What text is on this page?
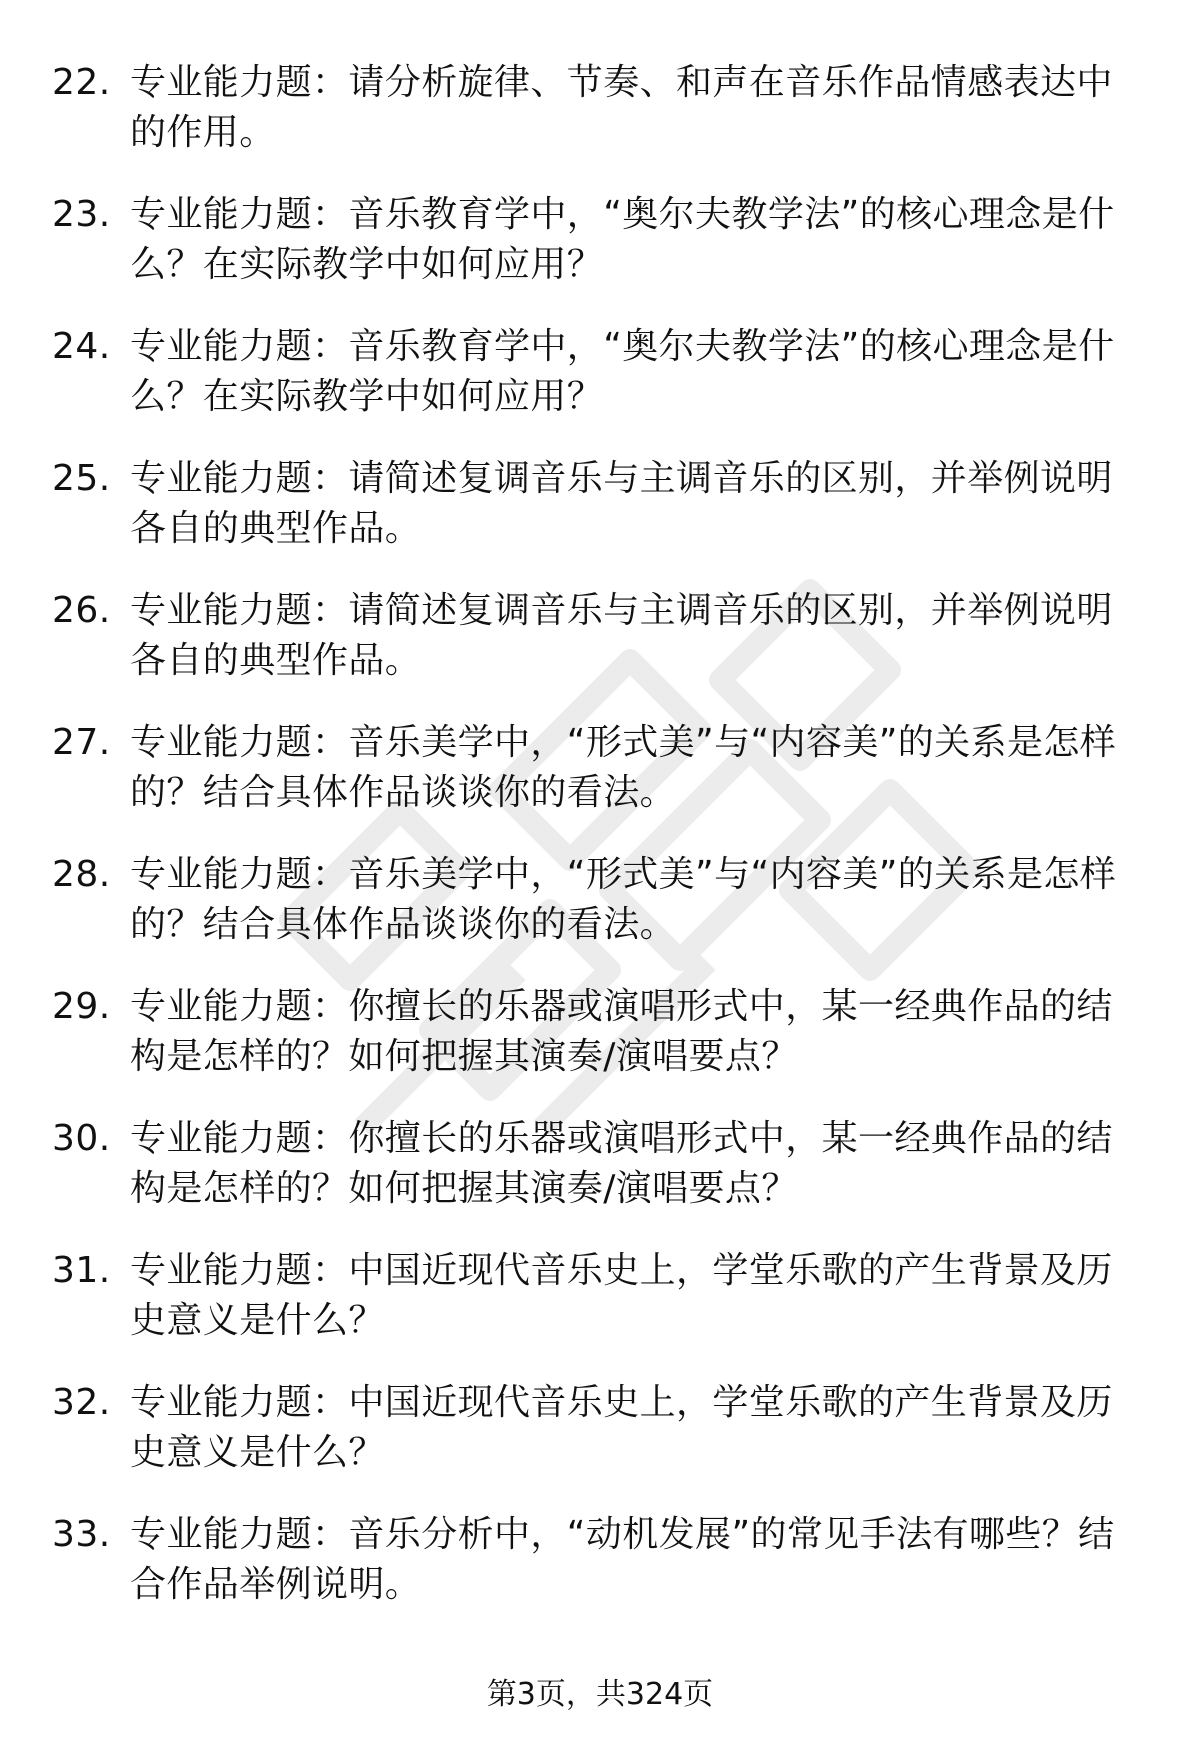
22. 专业能力题：请分析旋律、节奏、和声在音乐作品情感表达中的作用。
23. 专业能力题：音乐教育学中，“奥尔夫教学法”的核心理念是什么？在实际教学中如何应用？
24. 专业能力题：音乐教育学中，“奥尔夫教学法”的核心理念是什么？在实际教学中如何应用？
25. 专业能力题：请简述复调音乐与主调音乐的区别，并举例说明各自的典型作品。
26. 专业能力题：请简述复调音乐与主调音乐的区别，并举例说明各自的典型作品。
27. 专业能力题：音乐美学中，“形式美”与“内容美”的关系是怎样的？结合具体作品谈谈你的看法。
28. 专业能力题：音乐美学中，“形式美”与“内容美”的关系是怎样的？结合具体作品谈谈你的看法。
29. 专业能力题：你擅长的乐器或演唱形式中，某一经典作品的结构是怎样的？如何把握其演奏/演唱要点？
30. 专业能力题：你擅长的乐器或演唱形式中，某一经典作品的结构是怎样的？如何把握其演奏/演唱要点？
31. 专业能力题：中国近现代音乐史上，学堂乐歌的产生背景及历史意义是什么？
32. 专业能力题：中国近现代音乐史上，学堂乐歌的产生背景及历史意义是什么？
33. 专业能力题：音乐分析中，“动机发展”的常见手法有哪些？结合作品举例说明。
第3页，共324页
